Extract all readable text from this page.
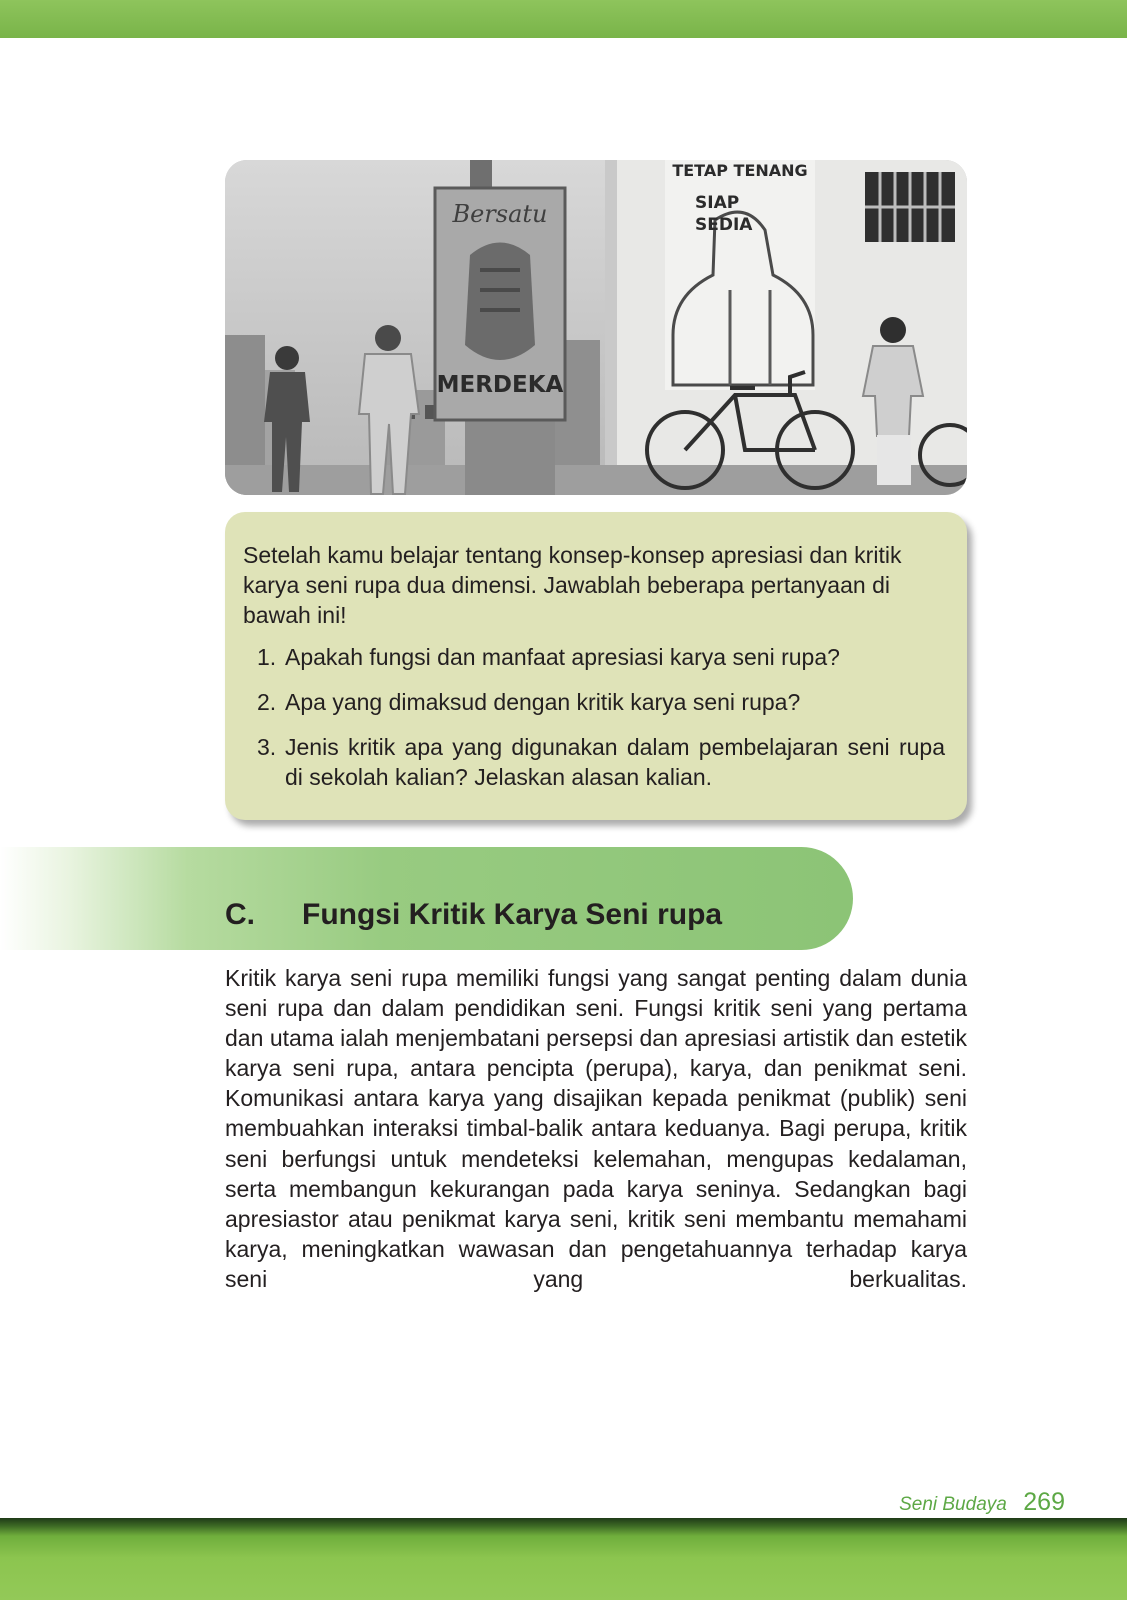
Bersatu
MERDEKA
TETAP TENANG
SIAP
SEDIA

Setelah kamu belajar tentang konsep-konsep apresiasi dan kritik karya seni rupa dua dimensi. Jawablah beberapa pertanyaan di bawah ini!

1. Apakah fungsi dan manfaat apresiasi karya seni rupa?
2. Apa yang dimaksud dengan kritik karya seni rupa?
3. Jenis kritik apa yang digunakan dalam pembelajaran seni rupa di sekolah kalian? Jelaskan alasan kalian.
C. Fungsi Kritik Karya Seni rupa

Kritik karya seni rupa memiliki fungsi yang sangat penting dalam dunia seni rupa dan dalam pendidikan seni. Fungsi kritik seni yang pertama dan utama ialah menjembatani persepsi dan apresiasi artistik dan estetik karya seni rupa, antara pencipta (perupa), karya, dan penikmat seni. Komunikasi antara karya yang disajikan kepada penikmat (publik) seni membuahkan interaksi timbal-balik antara keduanya. Bagi perupa, kritik seni berfungsi untuk mendeteksi kelemahan, mengupas kedalaman, serta membangun kekurangan pada karya seninya. Sedangkan bagi apresiastor atau penikmat karya seni, kritik seni membantu memahami karya, meningkatkan wawasan dan pengetahuannya terhadap karya seni yang berkualitas.

Seni Budaya 269
